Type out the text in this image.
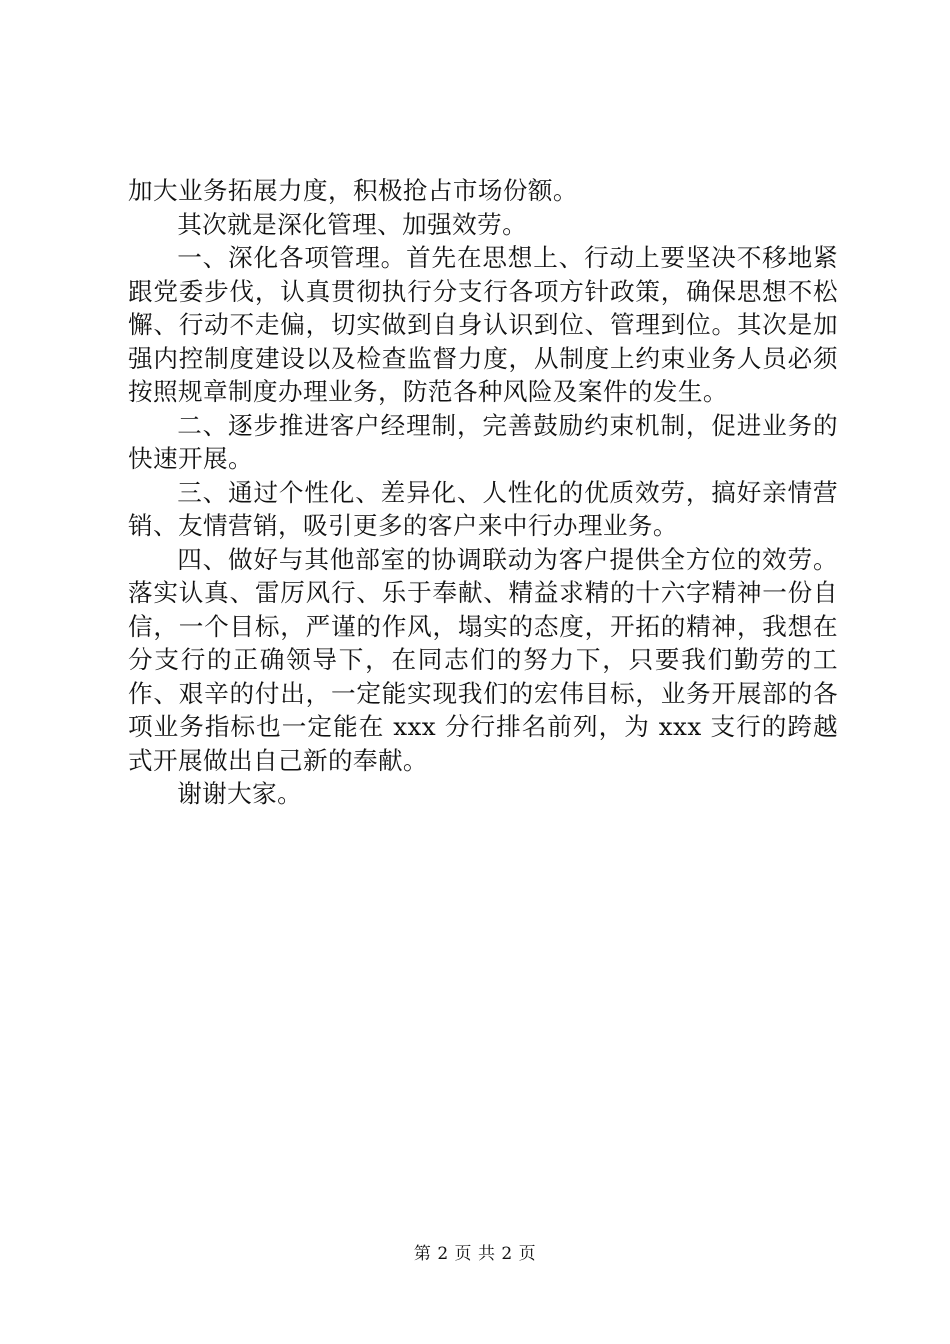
加大业务拓展力度，积极抢占市场份额。

其次就是深化管理、加强效劳。

一、深化各项管理。首先在思想上、行动上要坚决不移地紧跟党委步伐，认真贯彻执行分支行各项方针政策，确保思想不松懈、行动不走偏，切实做到自身认识到位、管理到位。其次是加强内控制度建设以及检查监督力度，从制度上约束业务人员必须按照规章制度办理业务，防范各种风险及案件的发生。

二、逐步推进客户经理制，完善鼓励约束机制，促进业务的快速开展。

三、通过个性化、差异化、人性化的优质效劳，搞好亲情营销、友情营销，吸引更多的客户来中行办理业务。

四、做好与其他部室的协调联动为客户提供全方位的效劳。落实认真、雷厉风行、乐于奉献、精益求精的十六字精神一份自信，一个目标，严谨的作风，塌实的态度，开拓的精神，我想在分支行的正确领导下，在同志们的努力下，只要我们勤劳的工作、艰辛的付出，一定能实现我们的宏伟目标，业务开展部的各项业务指标也一定能在 xxx 分行排名前列，为 xxx 支行的跨越式开展做出自己新的奉献。

谢谢大家。

第 2 页 共 2 页
